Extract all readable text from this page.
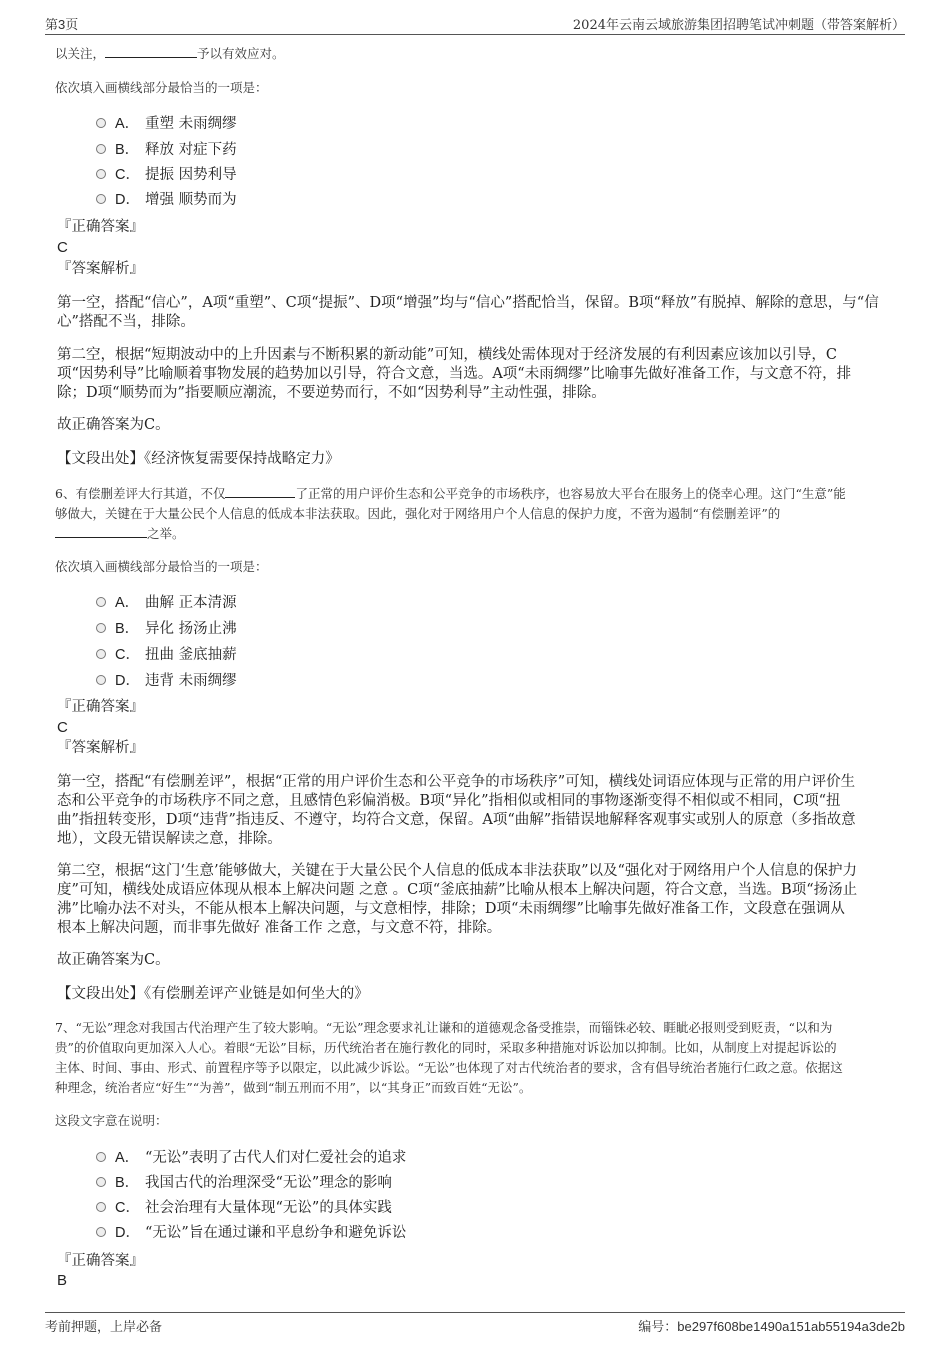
第3页	2024年云南云域旅游集团招聘笔试冲刺题（带答案解析）
以关注，	予以有效应对。
依次填入画横线部分最恰当的一项是：
A． 重塑 未雨绸缪
B． 释放 对症下药
C． 提振 因势利导
D． 增强 顺势而为
『正确答案』
C
『答案解析』
第一空，搭配“信心”，A项“重塑”、C项“提振”、D项“增强”均与“信心”搭配恰当，保留。B项“释放”有脱掉、解除的意思，与“信
心”搭配不当，排除。
第二空，根据“短期波动中的上升因素与不断积累的新动能”可知，横线处需体现对于经济发展的有利因素应该加以引导，C
项“因势利导”比喻顺着事物发展的趋势加以引导，符合文意，当选。A项“未雨绸缪”比喻事先做好准备工作，与文意不符，排
除；D项“顺势而为”指要顺应潮流，不要逆势而行，不如“因势利导”主动性强，排除。
故正确答案为C。
【文段出处】《经济恢复需要保持战略定力》
6、有偿删差评大行其道，不仅	了正常的用户评价生态和公平竞争的市场秩序，也容易放大平台在服务上的侥幸心理。这门“生意”能
够做大，关键在于大量公民个人信息的低成本非法获取。因此，强化对于网络用户个人信息的保护力度，不啻为遏制“有偿删差评”的
之举。
依次填入画横线部分最恰当的一项是：
A． 曲解 正本清源
B． 异化 扬汤止沸
C． 扭曲 釜底抽薪
D． 违背 未雨绸缪
『正确答案』
C
『答案解析』
第一空，搭配“有偿删差评”，根据“正常的用户评价生态和公平竞争的市场秩序”可知，横线处词语应体现与正常的用户评价生
态和公平竞争的市场秩序不同之意，且感情色彩偏消极。B项“异化”指相似或相同的事物逐渐变得不相似或不相同，C项“扭
曲”指扭转变形，D项“违背”指违反、不遵守，均符合文意，保留。A项“曲解”指错误地解释客观事实或别人的原意（多指故意
地），文段无错误解读之意，排除。
第二空，根据“这门‘生意’能够做大，关键在于大量公民个人信息的低成本非法获取”以及“强化对于网络用户个人信息的保护力
度”可知，横线处成语应体现从根本上解决问题 之意 。C项“釜底抽薪”比喻从根本上解决问题，符合文意，当选。B项“扬汤止
沸”比喻办法不对头，不能从根本上解决问题，与文意相悖，排除；D项“未雨绸缪”比喻事先做好准备工作，文段意在强调从
根本上解决问题，而非事先做好 准备工作 之意，与文意不符，排除。
故正确答案为C。
【文段出处】《有偿删差评产业链是如何坐大的》
7、“无讼”理念对我国古代治理产生了较大影响。“无讼”理念要求礼让谦和的道德观念备受推崇，而锱铢必较、睚眦必报则受到贬责，“以和为
贵”的价值取向更加深入人心。着眼“无讼”目标，历代统治者在施行教化的同时，采取多种措施对诉讼加以抑制。比如，从制度上对提起诉讼的
主体、时间、事由、形式、前置程序等予以限定，以此减少诉讼。“无讼”也体现了对古代统治者的要求，含有倡导统治者施行仁政之意。依据这
种理念，统治者应“好生”“为善”，做到“制五刑而不用”，以“其身正”而致百姓“无讼”。
这段文字意在说明：
A． “无讼”表明了古代人们对仁爱社会的追求
B． 我国古代的治理深受“无讼”理念的影响
C． 社会治理有大量体现“无讼”的具体实践
D． “无讼”旨在通过谦和平息纷争和避免诉讼
『正确答案』
B
考前押题，上岸必备	编号：be297f608be1490a151ab55194a3de2b
